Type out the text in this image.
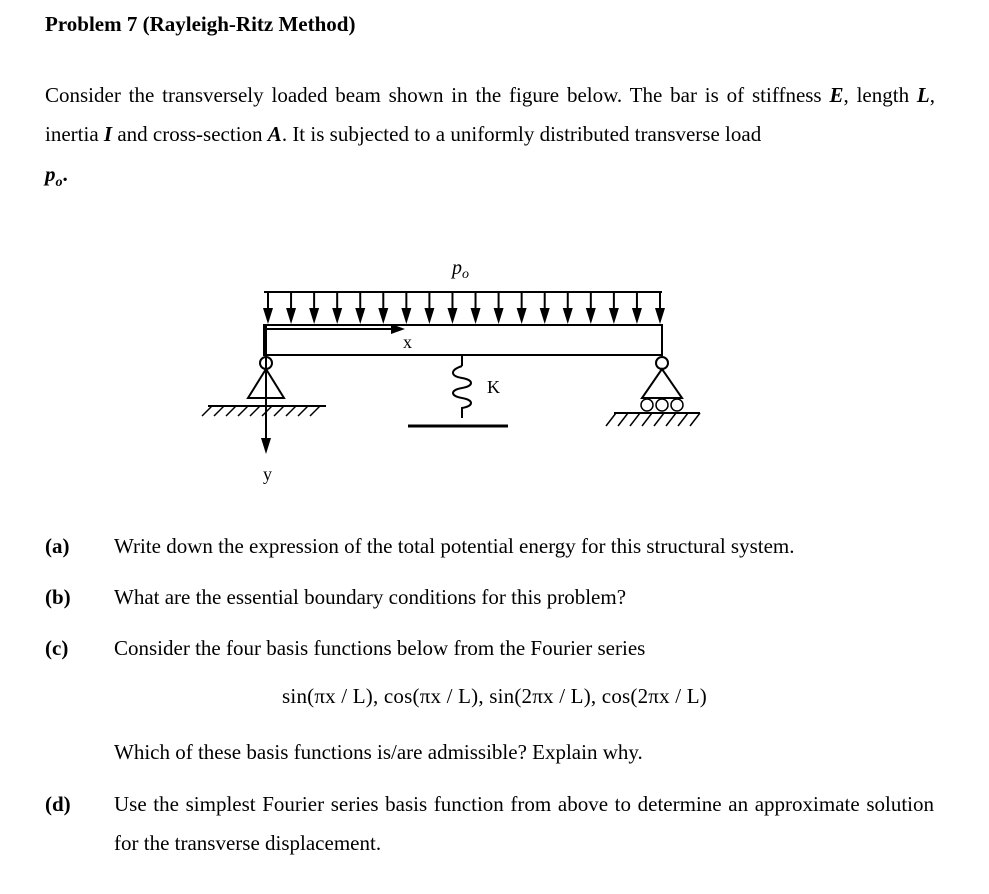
Problem 7 (Rayleigh-Ritz Method)
Consider the transversely loaded beam shown in the figure below. The bar is of stiffness E, length L, inertia I and cross-section A. It is subjected to a uniformly distributed transverse load
$p_o$.
$p_o$
x
y
K
(a) Write down the expression of the total potential energy for this structural system.
(b) What are the essential boundary conditions for this problem?
(c) Consider the four basis functions below from the Fourier series
sin(πx / L), cos(πx / L), sin(2πx / L), cos(2πx / L)
Which of these basis functions is/are admissible? Explain why.
(d) Use the simplest Fourier series basis function from above to determine an approximate solution for the transverse displacement.
